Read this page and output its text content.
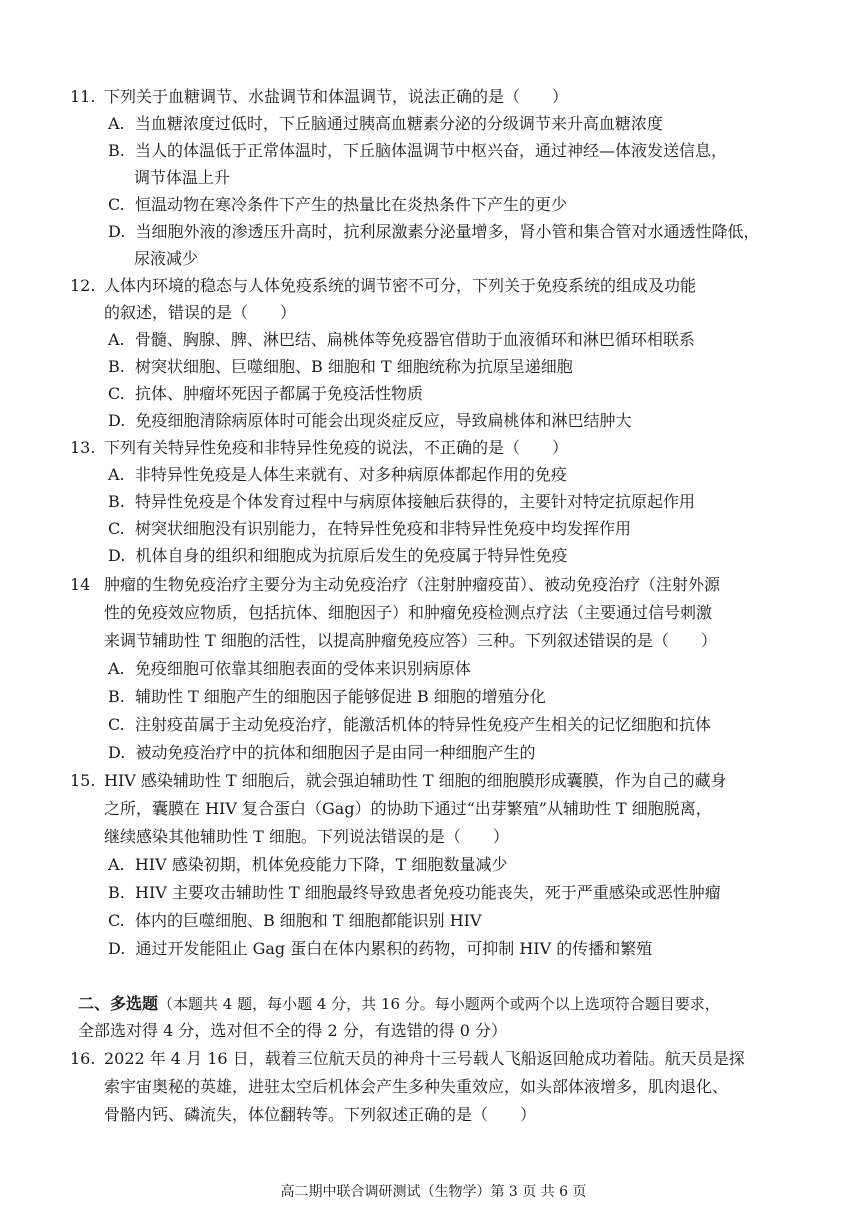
11. 下列关于血糖调节、水盐调节和体温调节，说法正确的是（　　）
A. 当血糖浓度过低时，下丘脑通过胰高血糖素分泌的分级调节来升高血糖浓度
B. 当人的体温低于正常体温时，下丘脑体温调节中枢兴奋，通过神经—体液发送信息，
调节体温上升
C. 恒温动物在寒冷条件下产生的热量比在炎热条件下产生的更少
D. 当细胞外液的渗透压升高时，抗利尿激素分泌量增多，肾小管和集合管对水通透性降低，
尿液减少
12. 人体内环境的稳态与人体免疫系统的调节密不可分，下列关于免疫系统的组成及功能
的叙述，错误的是（　　）
A. 骨髓、胸腺、脾、淋巴结、扁桃体等免疫器官借助于血液循环和淋巴循环相联系
B. 树突状细胞、巨噬细胞、B 细胞和 T 细胞统称为抗原呈递细胞
C. 抗体、肿瘤坏死因子都属于免疫活性物质
D. 免疫细胞清除病原体时可能会出现炎症反应，导致扁桃体和淋巴结肿大
13. 下列有关特异性免疫和非特异性免疫的说法，不正确的是（　　）
A. 非特异性免疫是人体生来就有、对多种病原体都起作用的免疫
B. 特异性免疫是个体发育过程中与病原体接触后获得的，主要针对特定抗原起作用
C. 树突状细胞没有识别能力，在特异性免疫和非特异性免疫中均发挥作用
D. 机体自身的组织和细胞成为抗原后发生的免疫属于特异性免疫
14 肿瘤的生物免疫治疗主要分为主动免疫治疗（注射肿瘤疫苗）、被动免疫治疗（注射外源
性的免疫效应物质，包括抗体、细胞因子）和肿瘤免疫检测点疗法（主要通过信号刺激
来调节辅助性 T 细胞的活性，以提高肿瘤免疫应答）三种。下列叙述错误的是（　　）
A. 免疫细胞可依靠其细胞表面的受体来识别病原体
B. 辅助性 T 细胞产生的细胞因子能够促进 B 细胞的增殖分化
C. 注射疫苗属于主动免疫治疗，能激活机体的特异性免疫产生相关的记忆细胞和抗体
D. 被动免疫治疗中的抗体和细胞因子是由同一种细胞产生的
15. HIV 感染辅助性 T 细胞后，就会强迫辅助性 T 细胞的细胞膜形成囊膜，作为自己的藏身
之所，囊膜在 HIV 复合蛋白（Gag）的协助下通过“出芽繁殖”从辅助性 T 细胞脱离，
继续感染其他辅助性 T 细胞。下列说法错误的是（　　）
A. HIV 感染初期，机体免疫能力下降，T 细胞数量减少
B. HIV 主要攻击辅助性 T 细胞最终导致患者免疫功能丧失，死于严重感染或恶性肿瘤
C. 体内的巨噬细胞、B 细胞和 T 细胞都能识别 HIV
D. 通过开发能阻止 Gag 蛋白在体内累积的药物，可抑制 HIV 的传播和繁殖
二、多选题（本题共 4 题，每小题 4 分，共 16 分。每小题两个或两个以上选项符合题目要求，
全部选对得 4 分，选对但不全的得 2 分，有选错的得 0 分）
16. 2022 年 4 月 16 日，载着三位航天员的神舟十三号载人飞船返回舱成功着陆。航天员是探
索宇宙奥秘的英雄，进驻太空后机体会产生多种失重效应，如头部体液增多，肌肉退化、
骨骼内钙、磷流失，体位翻转等。下列叙述正确的是（　　）
高二期中联合调研测试（生物学）第 3 页 共 6 页
